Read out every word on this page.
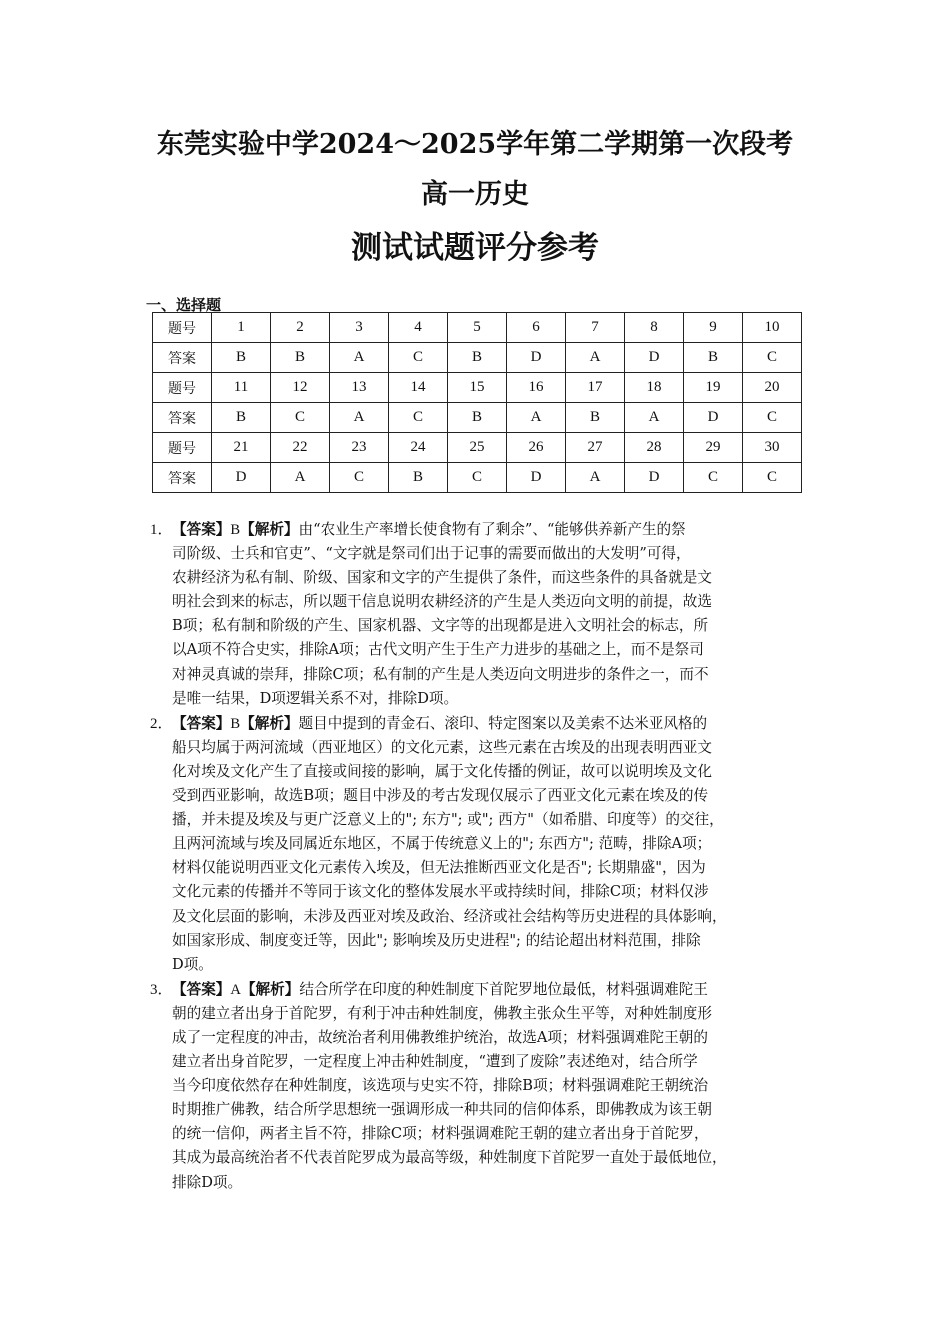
东莞实验中学2024～2025学年第二学期第一次段考
高一历史
测试试题评分参考
一、选择题
题号	1	2	3	4	5	6	7	8	9	10
答案	B	B	A	C	B	D	A	D	B	C
题号	11	12	13	14	15	16	17	18	19	20
答案	B	C	A	C	B	A	B	A	D	C
题号	21	22	23	24	25	26	27	28	29	30
答案	D	A	C	B	C	D	A	D	C	C
1． 【答案】B【解析】由“农业生产率增长使食物有了剩余”、“能够供养新产生的祭
司阶级、士兵和官吏”、“文字就是祭司们出于记事的需要而做出的大发明”可得，
农耕经济为私有制、阶级、国家和文字的产生提供了条件，而这些条件的具备就是文
明社会到来的标志，所以题干信息说明农耕经济的产生是人类迈向文明的前提，故选
B项；私有制和阶级的产生、国家机器、文字等的出现都是进入文明社会的标志，所
以A项不符合史实，排除A项；古代文明产生于生产力进步的基础之上，而不是祭司
对神灵真诚的崇拜，排除C项；私有制的产生是人类迈向文明进步的条件之一，而不
是唯一结果，D项逻辑关系不对，排除D项。
2． 【答案】B【解析】题目中提到的青金石、滚印、特定图案以及美索不达米亚风格的
船只均属于两河流域（西亚地区）的文化元素，这些元素在古埃及的出现表明西亚文
化对埃及文化产生了直接或间接的影响，属于文化传播的例证，故可以说明埃及文化
受到西亚影响，故选B项；题目中涉及的考古发现仅展示了西亚文化元素在埃及的传
播，并未提及埃及与更广泛意义上的"; 东方"; 或"; 西方"（如希腊、印度等）的交往，
且两河流域与埃及同属近东地区，不属于传统意义上的"; 东西方"; 范畴，排除A项；
材料仅能说明西亚文化元素传入埃及，但无法推断西亚文化是否"; 长期鼎盛"，因为
文化元素的传播并不等同于该文化的整体发展水平或持续时间，排除C项；材料仅涉
及文化层面的影响，未涉及西亚对埃及政治、经济或社会结构等历史进程的具体影响，
如国家形成、制度变迁等，因此"; 影响埃及历史进程"; 的结论超出材料范围，排除
D项。
3． 【答案】A【解析】结合所学在印度的种姓制度下首陀罗地位最低，材料强调难陀王
朝的建立者出身于首陀罗，有利于冲击种姓制度，佛教主张众生平等，对种姓制度形
成了一定程度的冲击，故统治者利用佛教维护统治，故选A项；材料强调难陀王朝的
建立者出身首陀罗，一定程度上冲击种姓制度，“遭到了废除”表述绝对，结合所学
当今印度依然存在种姓制度，该选项与史实不符，排除B项；材料强调难陀王朝统治
时期推广佛教，结合所学思想统一强调形成一种共同的信仰体系，即佛教成为该王朝
的统一信仰，两者主旨不符，排除C项；材料强调难陀王朝的建立者出身于首陀罗，
其成为最高统治者不代表首陀罗成为最高等级，种姓制度下首陀罗一直处于最低地位，
排除D项。
